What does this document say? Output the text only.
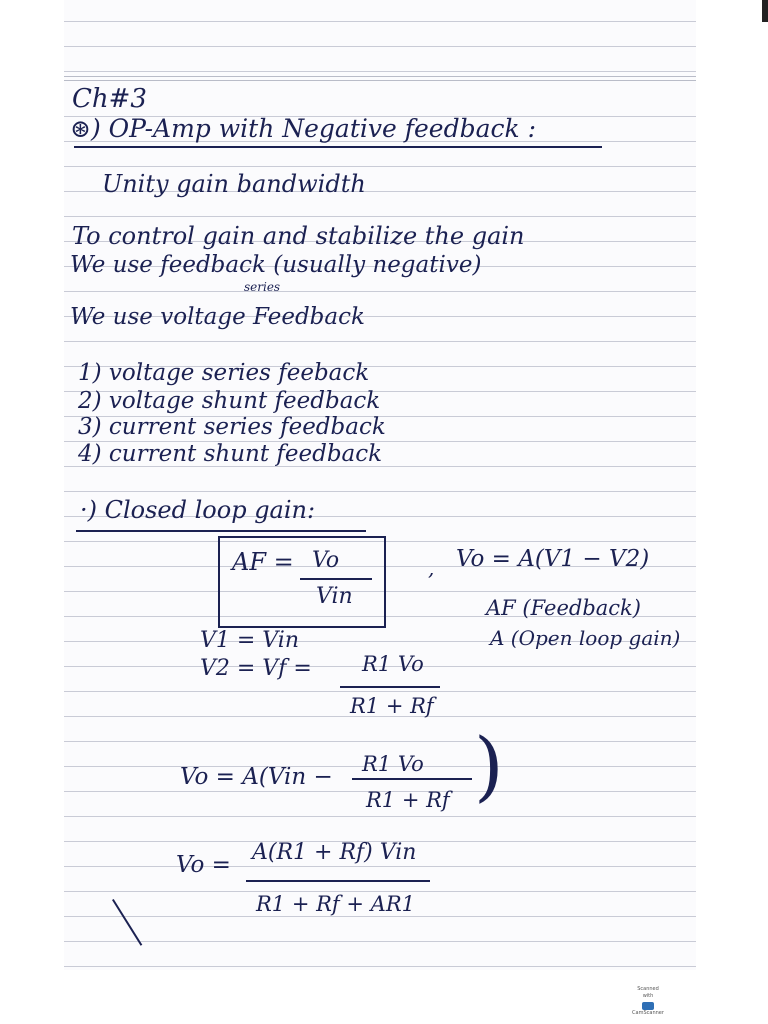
Ch#3
⊛) OP-Amp with Negative feedback :
Unity gain bandwidth
To control gain and stabilize the gain
We use feedback (usually negative)
series
We use voltage Feedback
1) voltage series feeback
2) voltage shunt feedback
3) current series feedback
4) current shunt feedback
·) Closed loop gain:
AF = Vo
Vin
, Vo = A(V1 − V2)
AF (Feedback)
A (Open loop gain)
V1 = Vin
V2 = Vf = R1 Vo
R1 + Rf
Vo = A(Vin − R1 Vo
R1 + Rf )
Vo = A(R1 + Rf) Vin
R1 + Rf + AR1
Scanned with
CamScanner
